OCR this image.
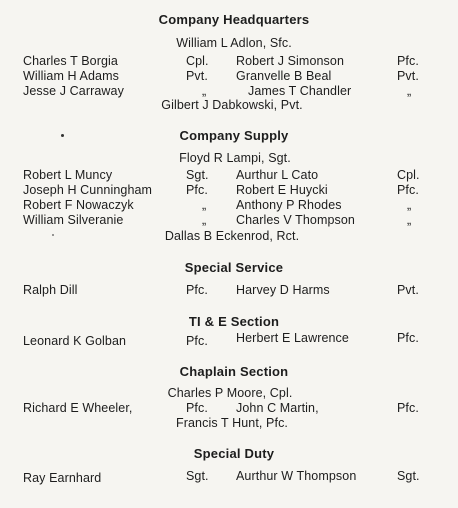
Company Headquarters
William L Adlon, Sfc.
Charles T Borgia	Cpl. Robert J Simonson	Pfc.
William H Adams	Pvt. Granvelle B Beal	Pvt.
Jesse J Carraway	„	James T Chandler	„
Gilbert J Dabkowski, Pvt.
Company Supply
Floyd R Lampi, Sgt.
Robert L Muncy	Sgt. Aurthur L Cato	Cpl.
Joseph H Cunningham	Pfc. Robert E Huycki	Pfc.
Robert F Nowaczyk	„ Anthony P Rhodes	„
William Silveranie	„ Charles V Thompson	„
Dallas B Eckenrod, Rct.
Special Service
Ralph Dill	Pfc. Harvey D Harms	Pvt.
TI & E Section
Leonard K Golban	Pfc. Herbert E Lawrence	Pfc.
Chaplain Section
Charles P Moore, Cpl.
Richard E Wheeler,	Pfc. John C Martin,	Pfc.
Francis T Hunt, Pfc.
Special Duty
Ray Earnhard	Sgt. Aurthur W Thompson	Sgt.
